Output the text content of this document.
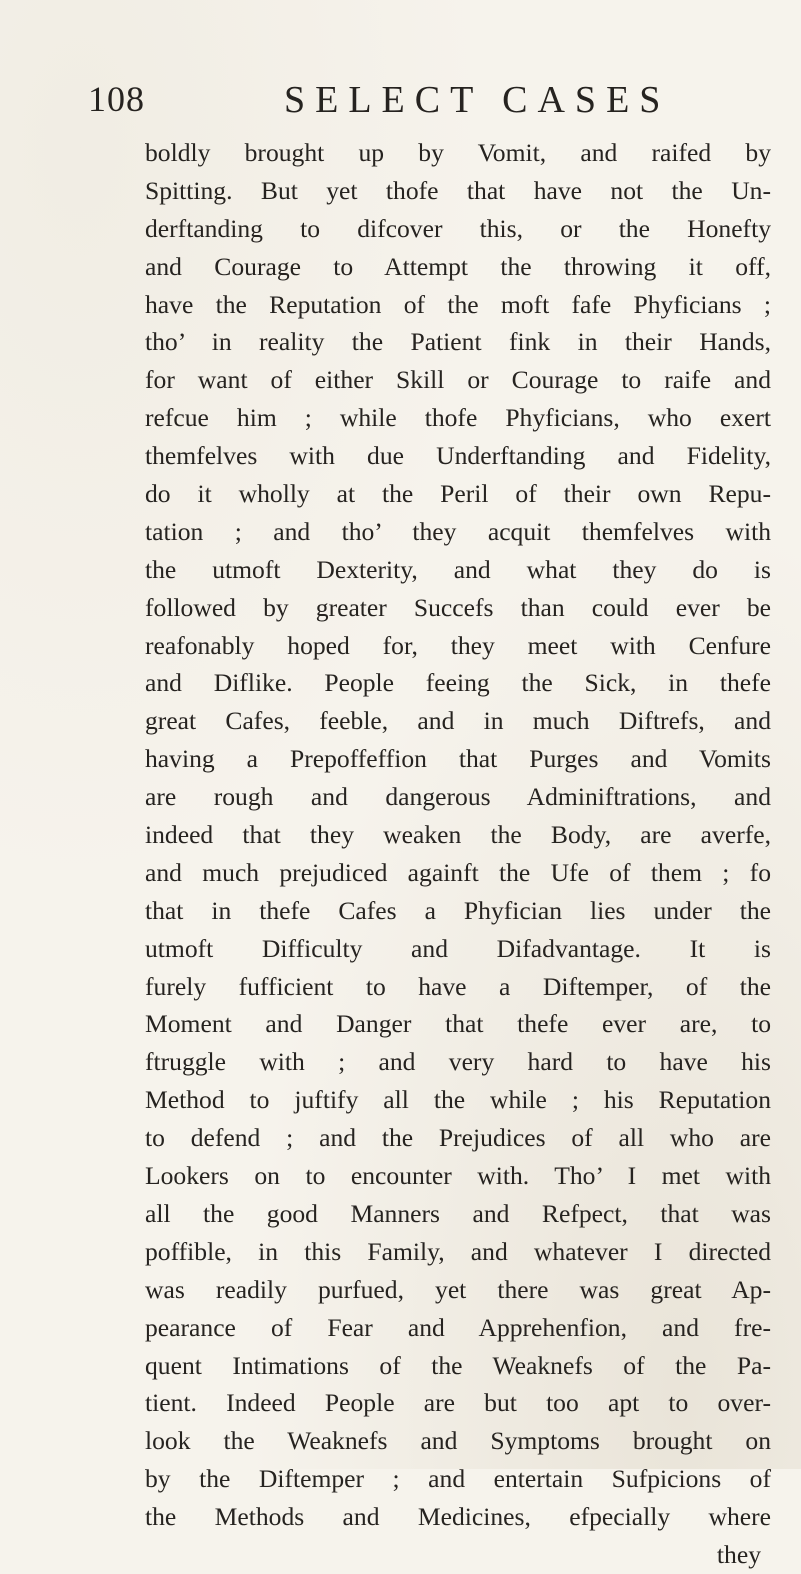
108	SELECT CASES
boldly brought up by Vomit, and raifed by
Spitting. But yet thofe that have not the Un-
derftanding to difcover this, or the Honefty
and Courage to Attempt the throwing it off,
have the Reputation of the moft fafe Phyficians ;
tho’ in reality the Patient fink in their Hands,
for want of either Skill or Courage to raife and
refcue him ; while thofe Phyficians, who exert
themfelves with due Underftanding and Fidelity,
do it wholly at the Peril of their own Repu-
tation ; and tho’ they acquit themfelves with
the utmoft Dexterity, and what they do is
followed by greater Succefs than could ever be
reafonably hoped for, they meet with Cenfure
and Diflike. People feeing the Sick, in thefe
great Cafes, feeble, and in much Diftrefs, and
having a Prepoffeffion that Purges and Vomits
are rough and dangerous Adminiftrations, and
indeed that they weaken the Body, are averfe,
and much prejudiced againft the Ufe of them ; fo
that in thefe Cafes a Phyfician lies under the
utmoft Difficulty and Difadvantage. It is
furely fufficient to have a Diftemper, of the
Moment and Danger that thefe ever are, to
ftruggle with ; and very hard to have his
Method to juftify all the while ; his Reputation
to defend ; and the Prejudices of all who are
Lookers on to encounter with. Tho’ I met with
all the good Manners and Refpect, that was
poffible, in this Family, and whatever I directed
was readily purfued, yet there was great Ap-
pearance of Fear and Apprehenfion, and fre-
quent Intimations of the Weaknefs of the Pa-
tient. Indeed People are but too apt to over-
look the Weaknefs and Symptoms brought on
by the Diftemper ; and entertain Sufpicions of
the Methods and Medicines, efpecially where
they
